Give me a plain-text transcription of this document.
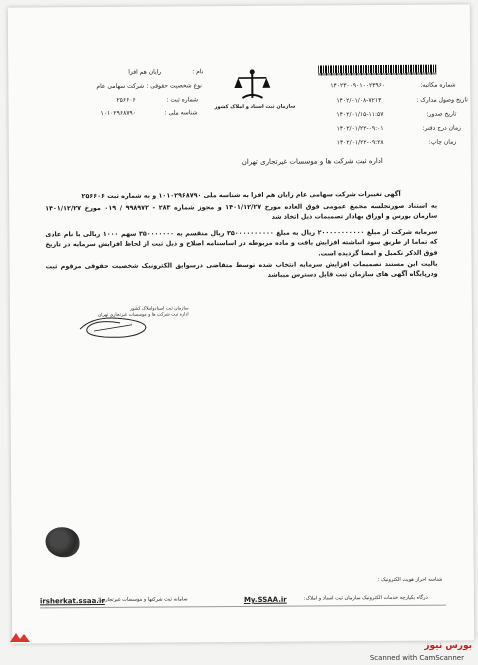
نام :
رایان هم افزا
نوع شخصیت حقوقی :
شرکت سهامی عام
شماره ثبت :
۲۵۶۶۰۶
شناسه ملی :
۱۰۱۰۲۹۶۸۷۹۰
سازمان ثبت اسناد و املاک کشور
شماره مکاتبه:
۱۴۰۲۳۰۰۹۰۱۰۰۲۳۹۶۰
تاریخ وصول مدارک :
۱۴۰۲/۰۱/۰۸-۷۲۱۳
تاریخ صدور:
۱۴۰۲/۰۱/۱۵-۱۱:۵۷
زمان درج دفتر:
۱۴۰۲/۰۱/۲۲-۰۹:۰۱
زمان چاپ:
۱۴۰۲/۰۱/۲۲-۰۹:۲۸
اداره ثبت شرکت ها و موسسات غیرتجاری تهران

آگهی تغییرات شرکت سهامی عام رایان هم افزا به شناسه ملی ۱۰۱۰۲۹۶۸۷۹۰ و به شماره ثبت ۲۵۶۶۰۶

به استناد صورتجلسه مجمع عمومی فوق العاده مورخ ۱۴۰۱/۱۲/۲۷ و مجوز شماره ۲۸۳ - ۹۹۸۹۷۲ / ۰۱۹ مورخ ۱۴۰۱/۱۲/۲۷ سازمان بورس و اوراق بهادار تصمیمات ذیل اتخاذ شد

سرمایه شرکت از مبلغ ۲۰۰۰۰۰۰۰۰۰۰۰ ریال به مبلغ ۳۵۰۰۰۰۰۰۰۰۰۰ ریال منقسم به ۳۵۰۰۰۰۰۰۰ سهم ۱۰۰۰ ریالی با نام عادی که تماما از طریق سود انباشته افزایش یافت و ماده مربوطه در اساسنامه اصلاح و ذیل ثبت از لحاظ افزایش سرمایه در تاریخ فوق الذکر تکمیل و امضا گردیده است.

بالیت این مستند تصمیمات افزایش سرمایه انتخاب شده توسط متقاضی درسوابق الکترونیک شخصیت حقوقی مرقوم ثبت ودرپایگاه آگهی های سازمان ثبت قابل دسترس میباشد

سازمان ثبت اسنادواملاک کشور
اداره ثبت شرکت ها و موسسات غیرتجاری تهران
شناسه احراز هویت الکترونیک :
درگاه یکپارچه خدمات الکترونیک سازمان ثبت اسناد و املاک:
My.SSAA.ir
سامانه ثبت شرکتها و موسسات غیرتجاری :
irsherkat.ssaa.ir
بورس نیوز
Scanned with CamScanner
